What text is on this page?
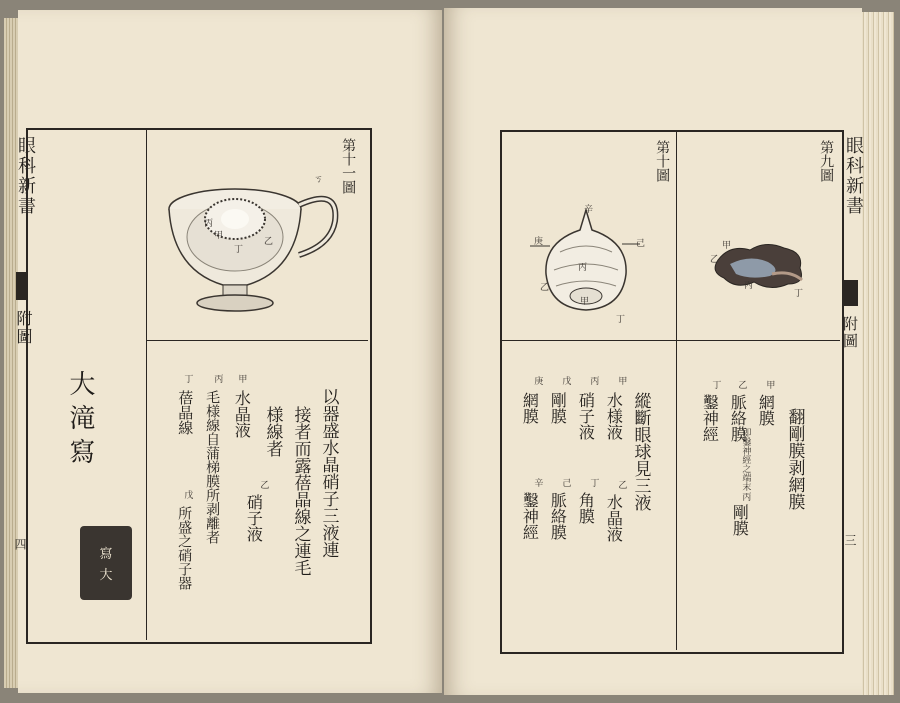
眼科新書
附圖
四
第十一圖
ㄎ
甲
丙
丁
乙
以器盛水晶硝子三液連
接者而露蓓晶線之連毛
様線者
甲
水晶液
乙
硝子液
丙
毛様線自蒲梯膜所剥離者
丁
蓓晶線
戊
所盛之硝子器
大滝寫
寫
大
眼科新書
附圖
三
第十圖
辛
庚	己
丙
乙
甲
丁
第九圖
甲
乙
丙
丁
縱斷眼球見三液
甲
水様液
乙
水晶液
丙
硝子液
丁
角膜
戊
剛膜
己
脈絡膜
庚
網膜
辛
鑿神經
翻剛膜剥網膜
甲
網膜
即鑿神經之端末
乙
脈絡膜
丙
剛膜
丁
鑿神經
